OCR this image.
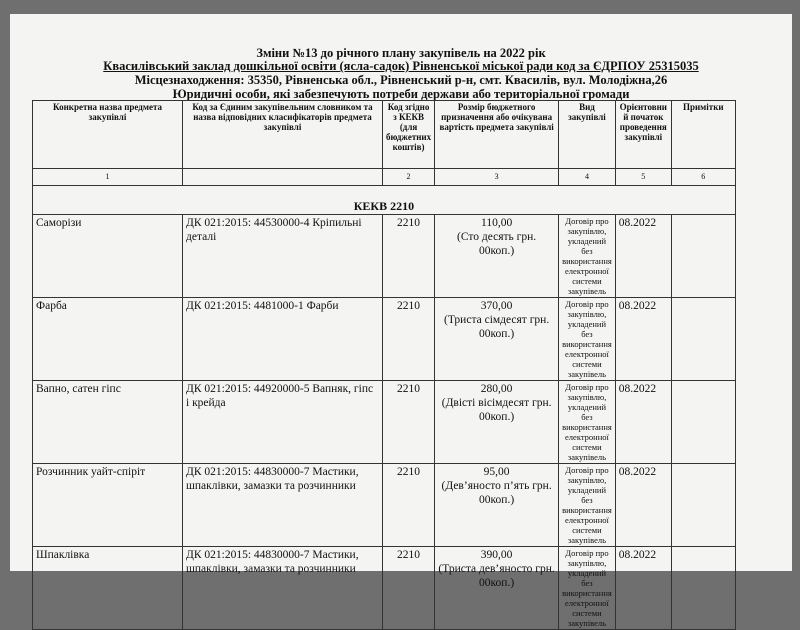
Зміни №13 до річного плану закупівель на 2022 рік
Квасилівський заклад дошкільної освіти (ясла-садок) Рівненської міської ради код за ЄДРПОУ 25315035
Місцезнаходження: 35350, Рівненська обл., Рівненський р-н, смт. Квасилів, вул. Молодіжна,26
Юридичні особи, які забезпечують потреби держави або територіальної громади
Конкретна назва предмета закупівлі	Код за Єдиним закупівельним словником та назва відповідних класифікаторів предмета закупівлі	Код згідно з КЕКВ (для бюджетних коштів)	Розмір бюджетного призначення або очікувана вартість предмета закупівлі	Вид закупівлі	Орієнтовни й початок проведення закупівлі	Примітки
1		2	3	4	5	6
КЕКВ 2210						
Саморізи	ДК 021:2015: 44530000-4 Кріпильні деталі	2210	110,00
(Сто десять грн. 00коп.)	Договір про закупівлю, укладений без використання електронної системи закупівель	08.2022	
Фарба	ДК 021:2015: 4481000-1 Фарби	2210	370,00
(Триста сімдесят грн. 00коп.)	Договір про закупівлю, укладений без використання електронної системи закупівель	08.2022	
Вапно, сатен гіпс	ДК 021:2015: 44920000-5 Вапняк, гіпс і крейда	2210	280,00
(Двісті вісімдесят грн. 00коп.)	Договір про закупівлю, укладений без використання електронної системи закупівель	08.2022	
Розчинник уайт-спіріт	ДК 021:2015: 44830000-7 Мастики, шпаклівки, замазки та розчинники	2210	95,00
(Дев’яносто п’ять грн. 00коп.)	Договір про закупівлю, укладений без використання електронної системи закупівель	08.2022	
Шпаклівка	ДК 021:2015: 44830000-7 Мастики, шпаклівки, замазки та розчинники	2210	390,00
(Триста дев’яносто грн. 00коп.)	Договір про закупівлю, укладений без використання електронної системи закупівель	08.2022	
